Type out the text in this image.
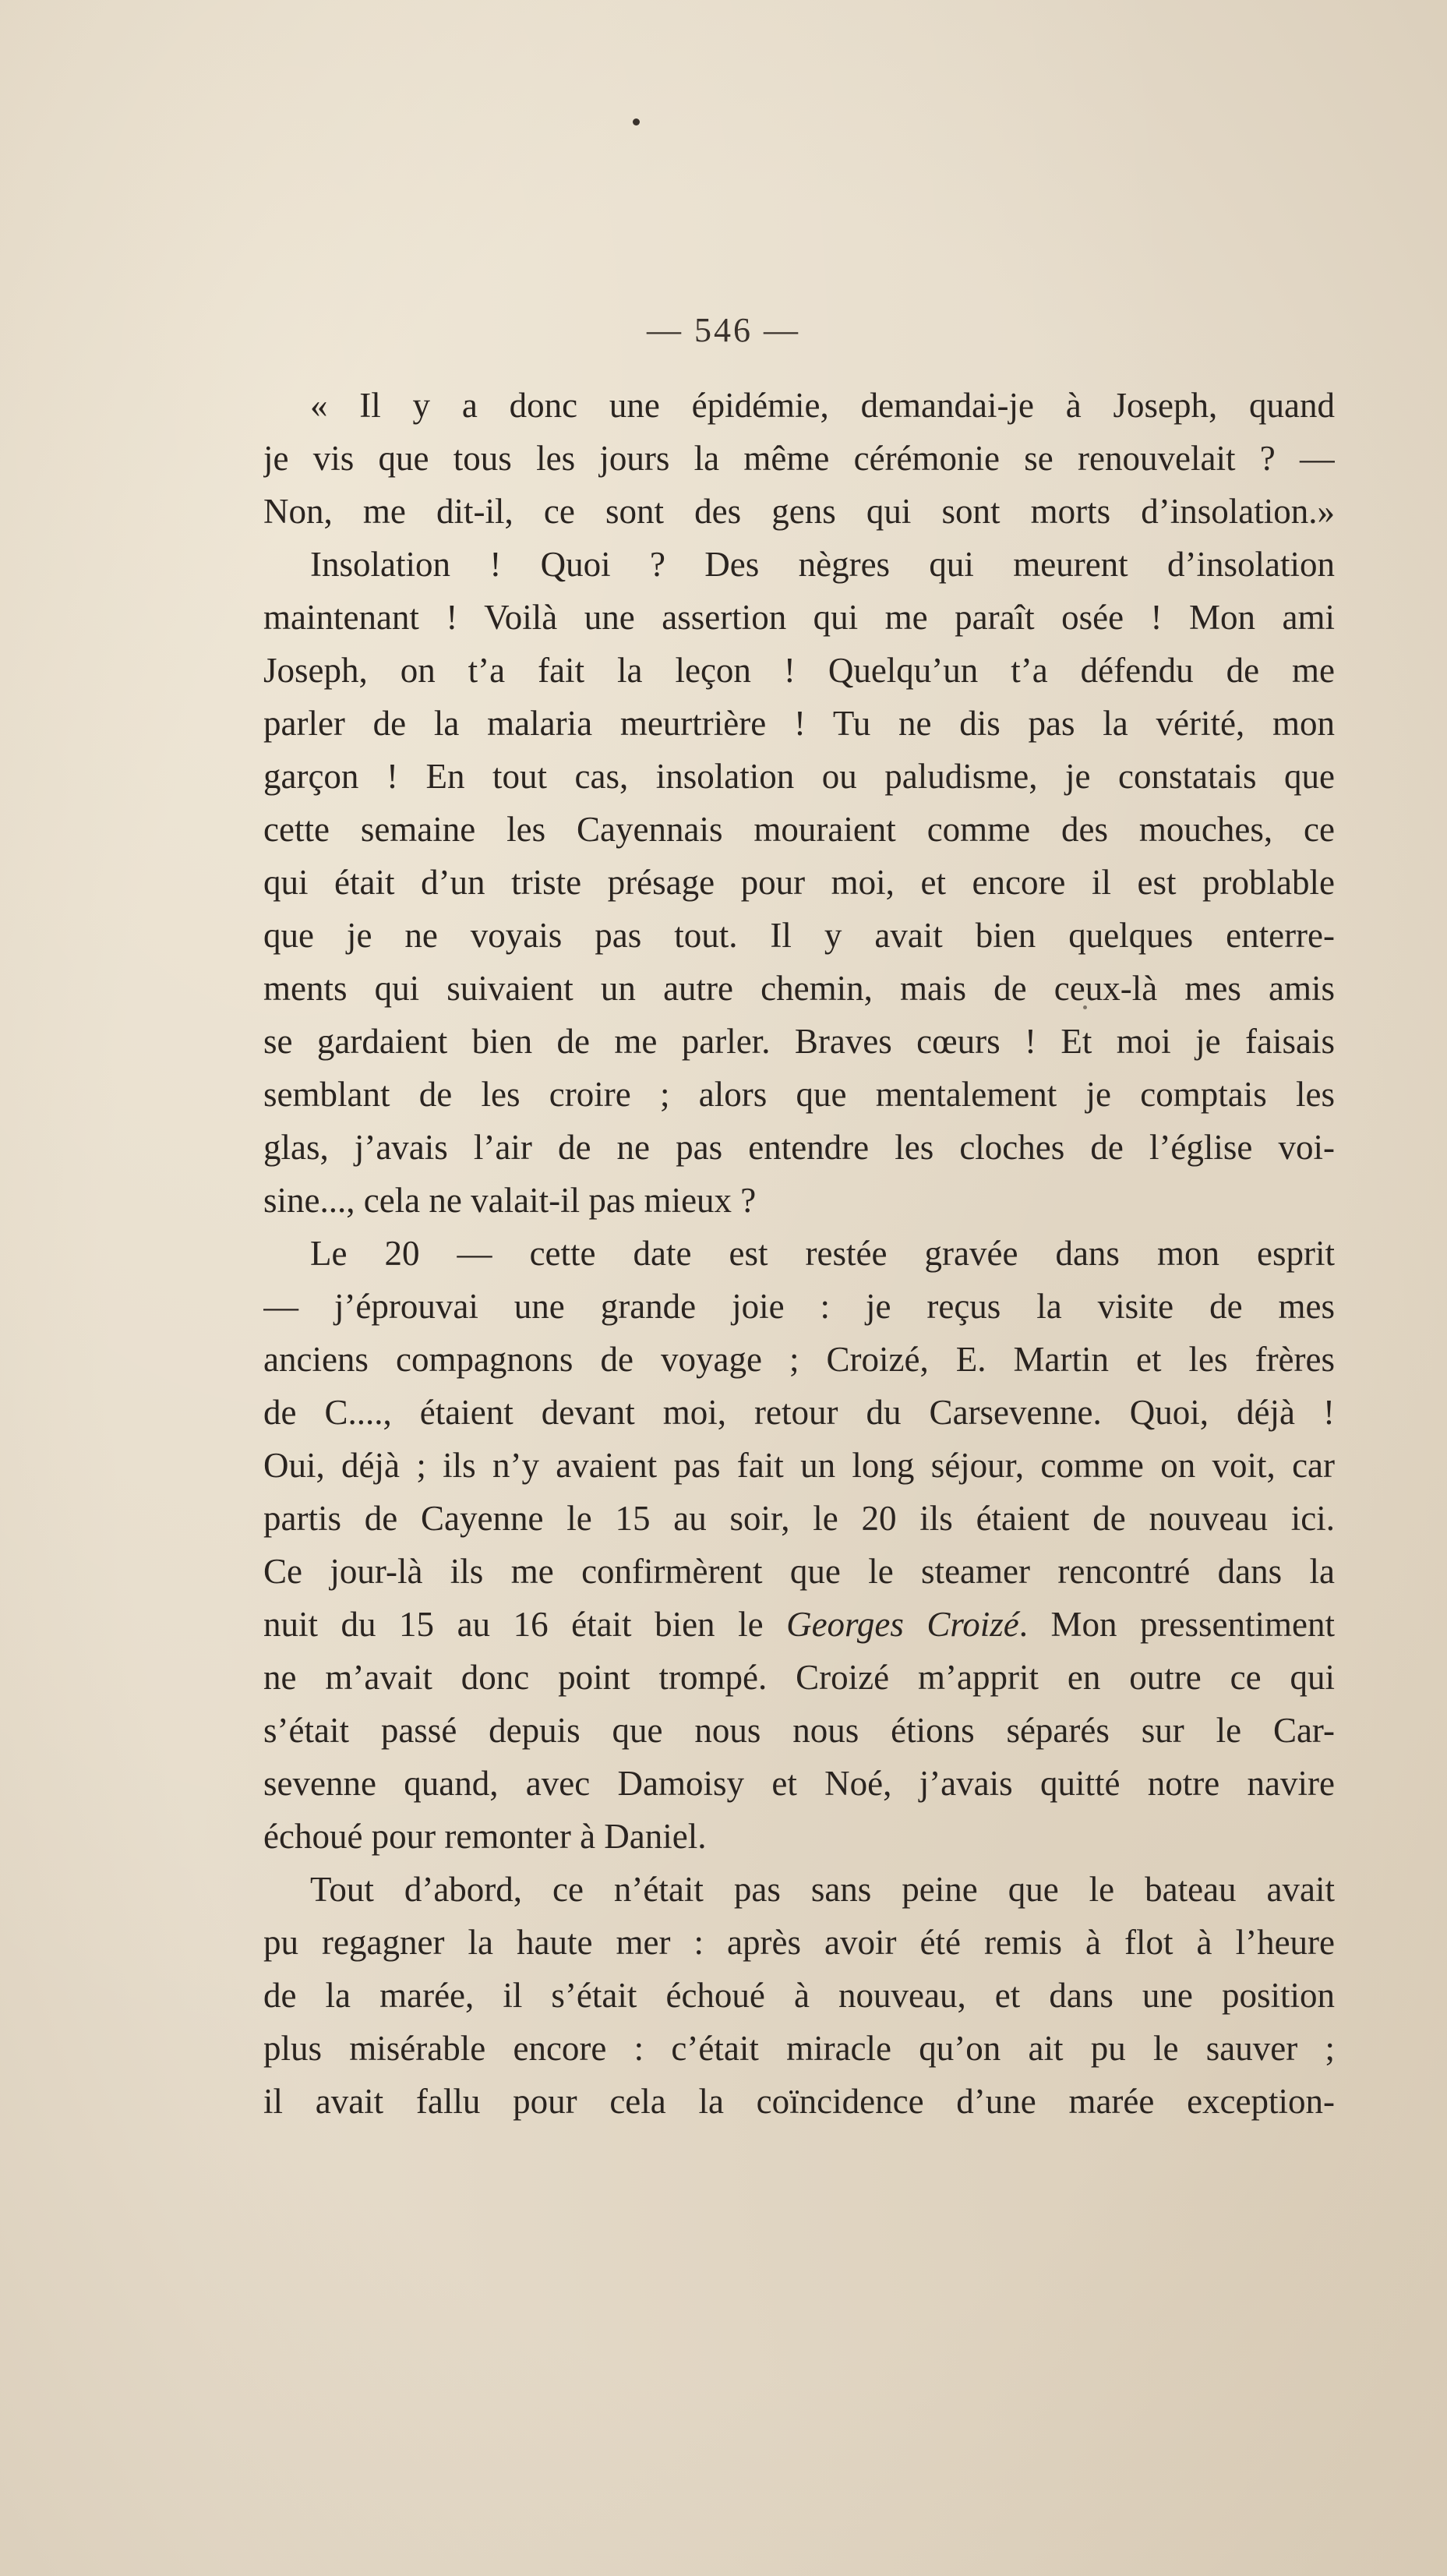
— 546 —
« Il y a donc une épidémie, demandai-je à Joseph, quand
je vis que tous les jours la même cérémonie se renouvelait ? —
Non, me dit-il, ce sont des gens qui sont morts d’insolation.»
Insolation ! Quoi ? Des nègres qui meurent d’insolation
maintenant ! Voilà une assertion qui me paraît osée ! Mon ami
Joseph, on t’a fait la leçon ! Quelqu’un t’a défendu de me
parler de la malaria meurtrière ! Tu ne dis pas la vérité, mon
garçon ! En tout cas, insolation ou paludisme, je constatais que
cette semaine les Cayennais mouraient comme des mouches, ce
qui était d’un triste présage pour moi, et encore il est problable
que je ne voyais pas tout. Il y avait bien quelques enterre-
ments qui suivaient un autre chemin, mais de ceux-là mes amis
se gardaient bien de me parler. Braves cœurs ! Et moi je faisais
semblant de les croire ; alors que mentalement je comptais les
glas, j’avais l’air de ne pas entendre les cloches de l’église voi-
sine..., cela ne valait-il pas mieux ?
Le 20 — cette date est restée gravée dans mon esprit
— j’éprouvai une grande joie : je reçus la visite de mes
anciens compagnons de voyage ; Croizé, E. Martin et les frères
de C...., étaient devant moi, retour du Carsevenne. Quoi, déjà !
Oui, déjà ; ils n’y avaient pas fait un long séjour, comme on voit, car
partis de Cayenne le 15 au soir, le 20 ils étaient de nouveau ici.
Ce jour-là ils me confirmèrent que le steamer rencontré dans la
nuit du 15 au 16 était bien le Georges Croizé. Mon pressentiment
ne m’avait donc point trompé. Croizé m’apprit en outre ce qui
s’était passé depuis que nous nous étions séparés sur le Car-
sevenne quand, avec Damoisy et Noé, j’avais quitté notre navire
échoué pour remonter à Daniel.
Tout d’abord, ce n’était pas sans peine que le bateau avait
pu regagner la haute mer : après avoir été remis à flot à l’heure
de la marée, il s’était échoué à nouveau, et dans une position
plus misérable encore : c’était miracle qu’on ait pu le sauver ;
il avait fallu pour cela la coïncidence d’une marée exception-
